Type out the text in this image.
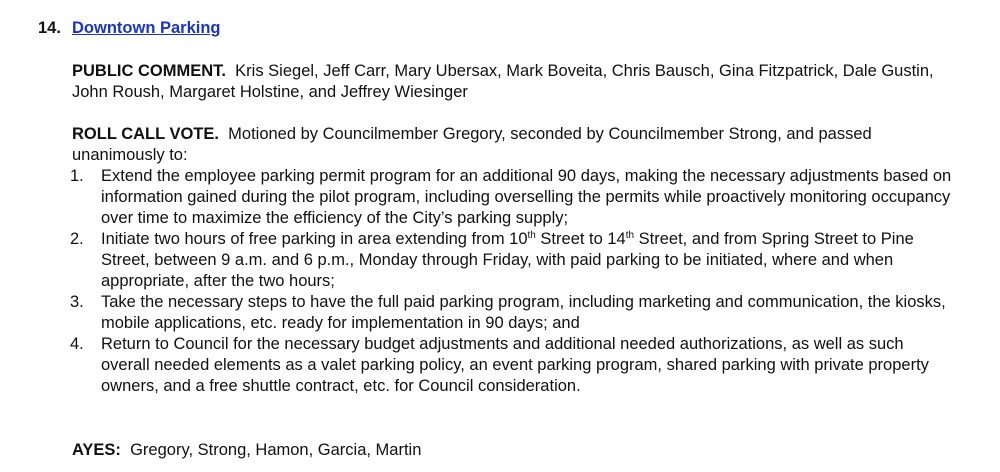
14. Downtown Parking
PUBLIC COMMENT. Kris Siegel, Jeff Carr, Mary Ubersax, Mark Boveita, Chris Bausch, Gina Fitzpatrick, Dale Gustin, John Roush, Margaret Holstine, and Jeffrey Wiesinger
ROLL CALL VOTE. Motioned by Councilmember Gregory, seconded by Councilmember Strong, and passed unanimously to:
1. Extend the employee parking permit program for an additional 90 days, making the necessary adjustments based on information gained during the pilot program, including overselling the permits while proactively monitoring occupancy over time to maximize the efficiency of the City’s parking supply;
2. Initiate two hours of free parking in area extending from 10th Street to 14th Street, and from Spring Street to Pine Street, between 9 a.m. and 6 p.m., Monday through Friday, with paid parking to be initiated, where and when appropriate, after the two hours;
3. Take the necessary steps to have the full paid parking program, including marketing and communication, the kiosks, mobile applications, etc. ready for implementation in 90 days; and
4. Return to Council for the necessary budget adjustments and additional needed authorizations, as well as such overall needed elements as a valet parking policy, an event parking program, shared parking with private property owners, and a free shuttle contract, etc. for Council consideration.
AYES: Gregory, Strong, Hamon, Garcia, Martin
